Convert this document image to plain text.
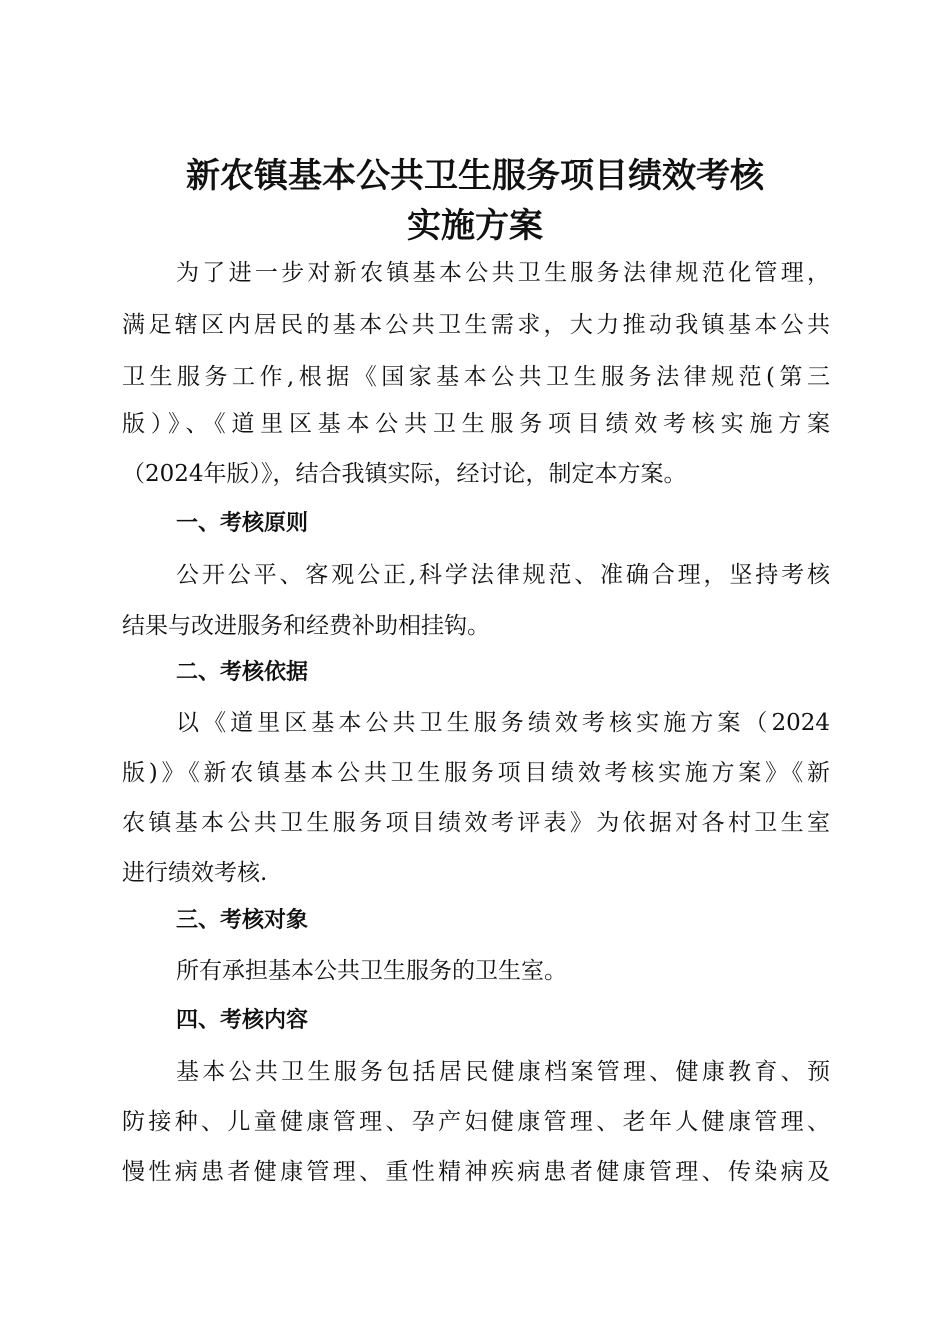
新农镇基本公共卫生服务项目绩效考核
实施方案
为了进一步对新农镇基本公共卫生服务法律规范化管理，
满足辖区内居民的基本公共卫生需求，大力推动我镇基本公共
卫生服务工作,根据《国家基本公共卫生服务法律规范(第三
版）》、《道里区基本公共卫生服务项目绩效考核实施方案
（2024年版）》，结合我镇实际，经讨论，制定本方案。
一、考核原则
公开公平、客观公正,科学法律规范、准确合理，坚持考核
结果与改进服务和经费补助相挂钩。
二、考核依据
以《道里区基本公共卫生服务绩效考核实施方案（2024
版)》《新农镇基本公共卫生服务项目绩效考核实施方案》《新
农镇基本公共卫生服务项目绩效考评表》为依据对各村卫生室
进行绩效考核.
三、考核对象
所有承担基本公共卫生服务的卫生室。
四、考核内容
基本公共卫生服务包括居民健康档案管理、健康教育、预
防接种、儿童健康管理、孕产妇健康管理、老年人健康管理、
慢性病患者健康管理、重性精神疾病患者健康管理、传染病及
